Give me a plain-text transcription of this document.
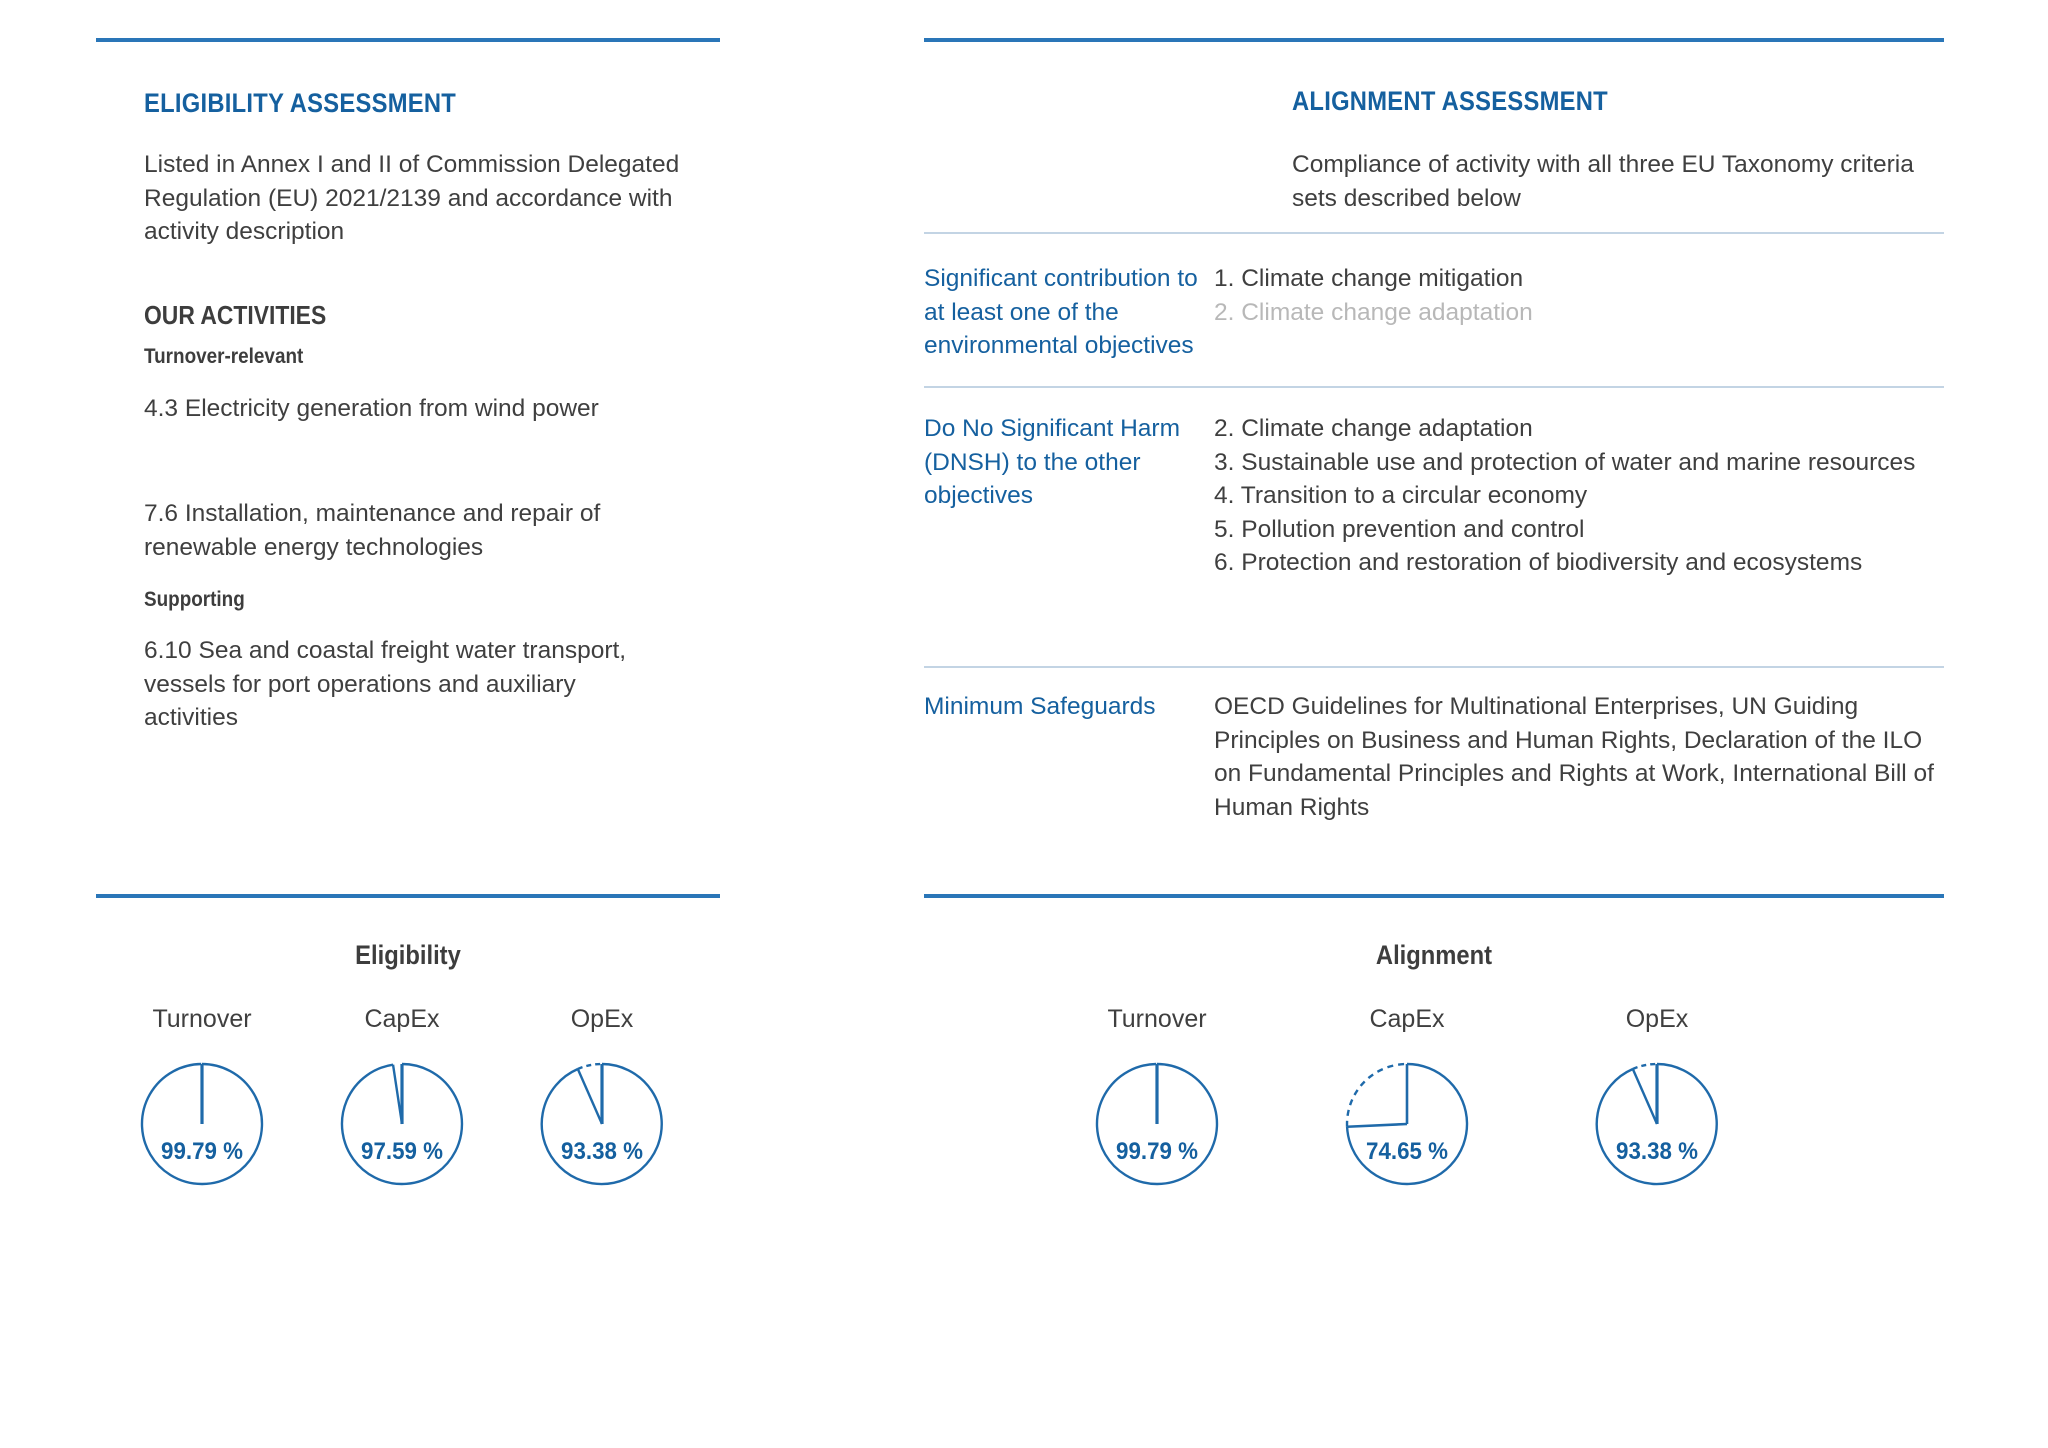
ELIGIBILITY ASSESSMENT
Listed in Annex I and II of Commission Delegated Regulation (EU) 2021/2139 and accordance with activity description
OUR ACTIVITIES
Turnover-relevant
4.3 Electricity generation from wind power
7.6 Installation, maintenance and repair of renewable energy technologies
Supporting
6.10 Sea and coastal freight water transport, vessels for port operations and auxiliary activities
Eligibility
Turnover
99.79 %
CapEx
97.59 %
OpEx
93.38 %
ALIGNMENT ASSESSMENT
Compliance of activity with all three EU Taxonomy criteria sets described below
Significant contribution to at least one of the environmental objectives
1. Climate change mitigation
2. Climate change adaptation
Do No Significant Harm (DNSH) to the other objectives
2. Climate change adaptation
3. Sustainable use and protection of water and marine resources
4. Transition to a circular economy
5. Pollution prevention and control
6. Protection and restoration of biodiversity and ecosystems
Minimum Safeguards	OECD Guidelines for Multinational Enterprises, UN Guiding Principles on Business and Human Rights, Declaration of the ILO on Fundamental Principles and Rights at Work, International Bill of Human Rights
Alignment
Turnover
99.79 %
CapEx
74.65 %
OpEx
93.38 %
